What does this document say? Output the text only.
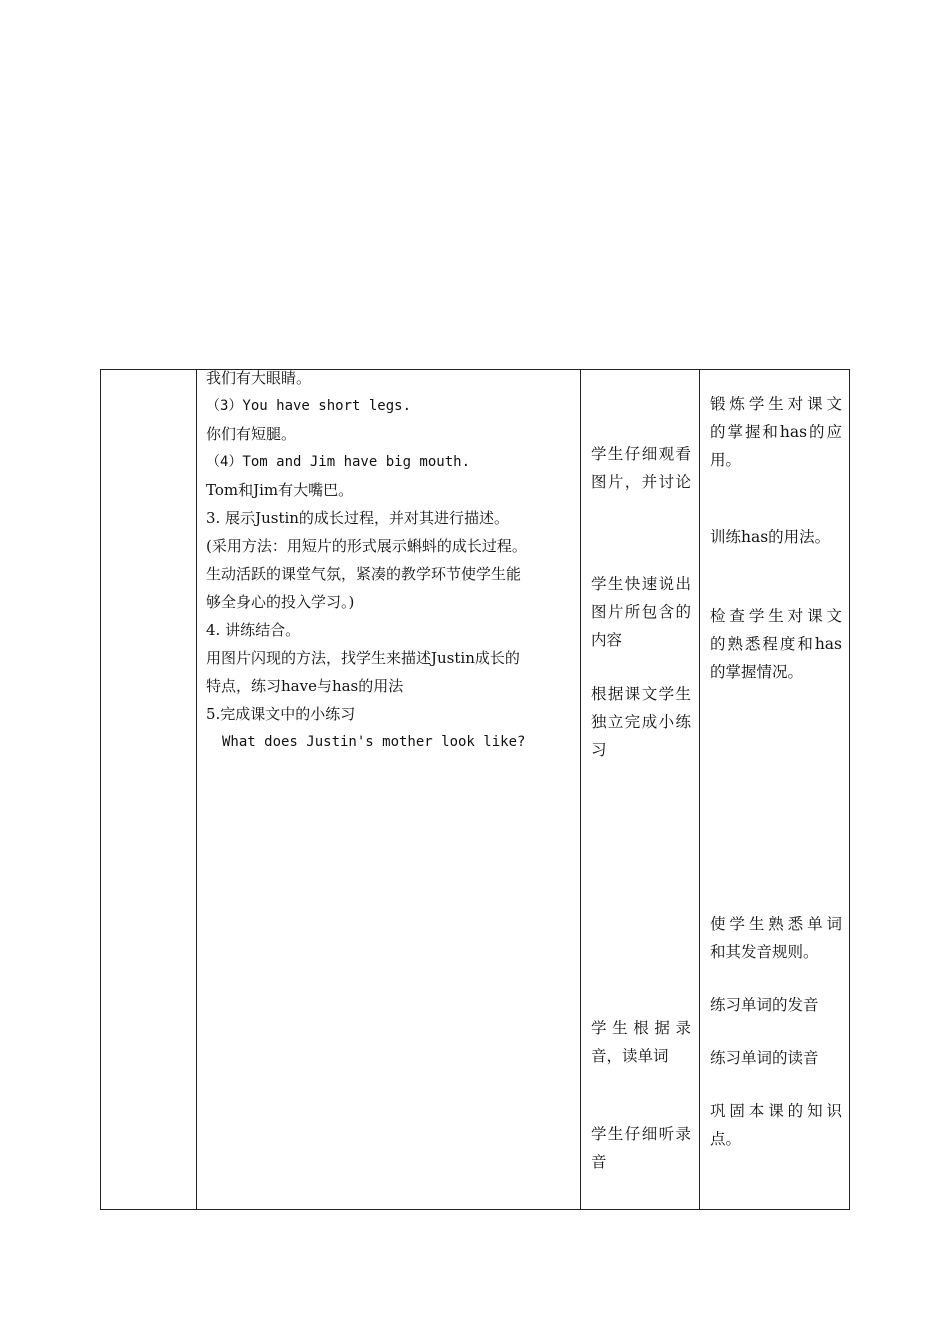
我们有大眼睛。
（3）You have short legs.
你们有短腿。
（4）Tom and Jim have big mouth.
Tom和Jim有大嘴巴。
3. 展示Justin的成长过程，并对其进行描述。
(采用方法：用短片的形式展示蝌蚪的成长过程。
生动活跃的课堂气氛，紧凑的教学环节使学生能
够全身心的投入学习。)
4. 讲练结合。
用图片闪现的方法，找学生来描述Justin成长的
特点，练习have与has的用法
5.完成课文中的小练习
What does Justin's mother look like?
学生仔细观看
图片，并讨论
学生快速说出
图片所包含的
内容
根据课文学生
独立完成小练
习
学生根据录
音，读单词
学生仔细听录
音
锻炼学生对课文
的掌握和has的应
用。
训练has的用法。
检查学生对课文
的熟悉程度和has
的掌握情况。
使学生熟悉单词
和其发音规则。
练习单词的发音
练习单词的读音
巩固本课的知识
点。
